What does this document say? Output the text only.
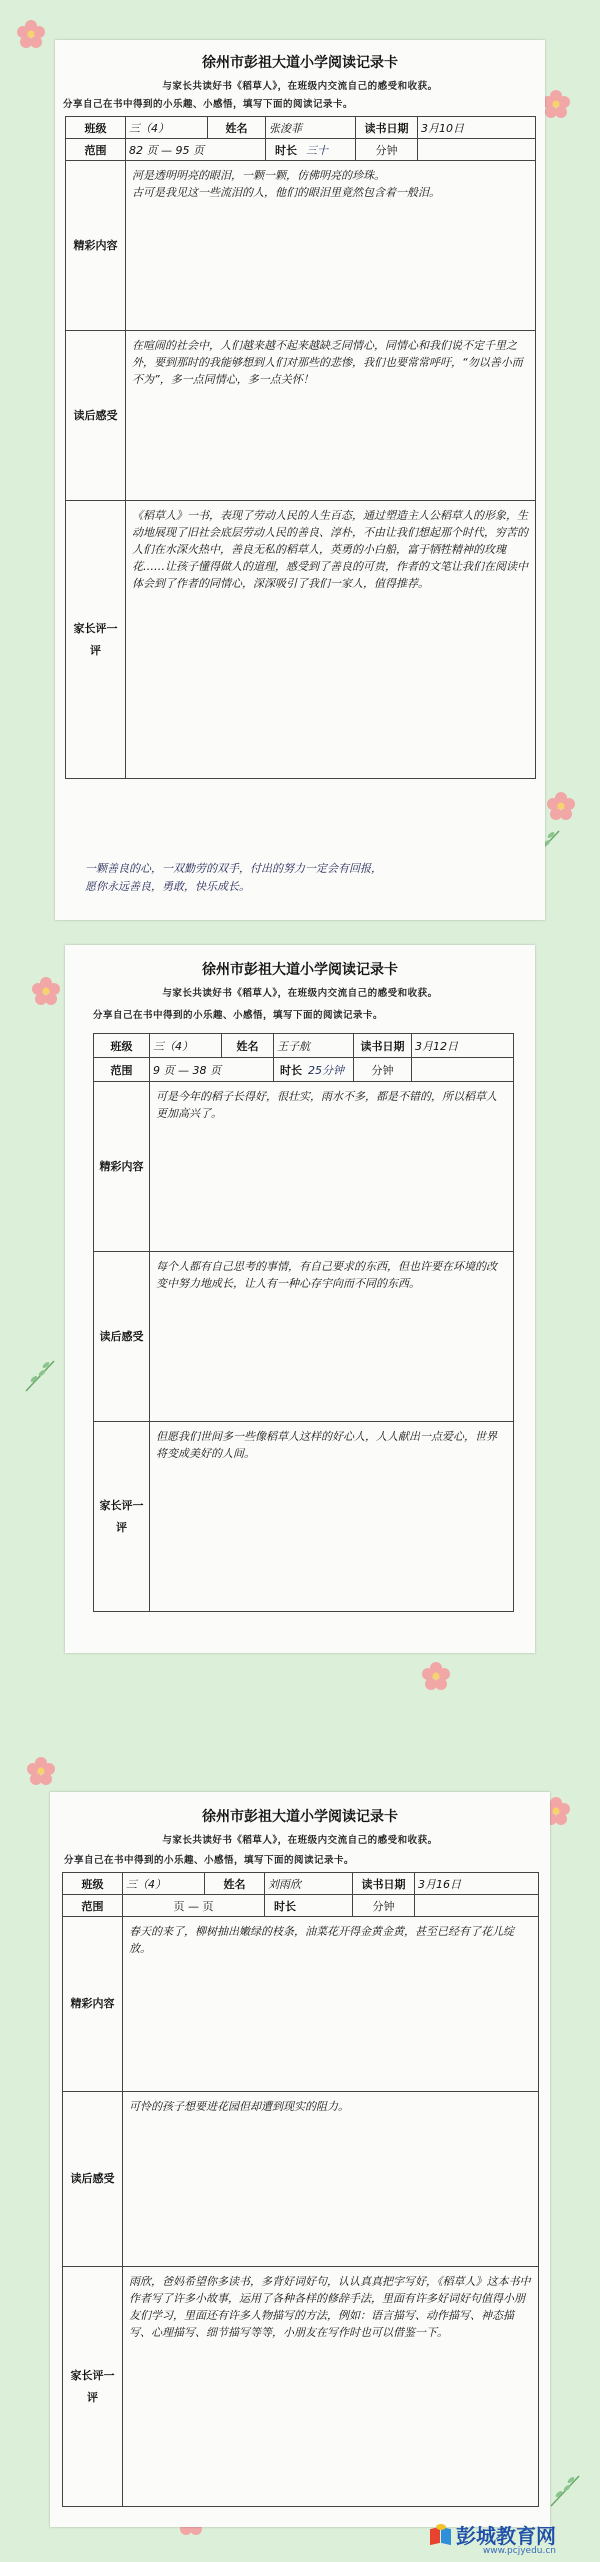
徐州市彭祖大道小学阅读记录卡
与家长共读好书《稻草人》，在班级内交流自己的感受和收获。
分享自己在书中得到的小乐趣、小感悟，填写下面的阅读记录卡。
班级	三（4）	姓名	张浚菲	读书日期	3月10日
范围	82 页 — 95 页		时长 三十	分钟	
精彩内容	河是透明明亮的眼泪，一颗一颗，仿佛明亮的珍珠。
古可是我见这一些流泪的人，他们的眼泪里竟然包含着一般泪。				
读后感受	在喧闹的社会中，人们越来越不起来越缺乏同情心，同情心和我们说不定千里之外，要到那时的我能够想到人们对那些的悲惨，我们也要常常呼吁，“勿以善小而不为”，多一点同情心，多一点关怀！				
家长评一评	《稻草人》一书，表现了劳动人民的人生百态，通过塑造主人公稻草人的形象，生动地展现了旧社会底层劳动人民的善良、淳朴，不由让我们想起那个时代，穷苦的人们在水深火热中，善良无私的稻草人，英勇的小白船，富于牺牲精神的玫瑰花……让孩子懂得做人的道理，感受到了善良的可贵，作者的文笔让我们在阅读中体会到了作者的同情心，深深吸引了我们一家人，值得推荐。				
一颗善良的心，一双勤劳的双手，付出的努力一定会有回报，
愿你永远善良，勇敢，快乐成长。
徐州市彭祖大道小学阅读记录卡
与家长共读好书《稻草人》，在班级内交流自己的感受和收获。
分享自己在书中得到的小乐趣、小感悟，填写下面的阅读记录卡。
班级	三（4）	姓名	王子航	读书日期	3月12日
范围	9 页 — 38 页		时长 25分钟	分钟	
精彩内容	可是今年的稻子长得好，很壮实，雨水不多，都是不错的，所以稻草人更加高兴了。				
读后感受	每个人都有自己思考的事情，有自己要求的东西，但也许要在环境的改变中努力地成长，让人有一种心存宇向而不同的东西。				
家长评一评	但愿我们世间多一些像稻草人这样的好心人，人人献出一点爱心，世界将变成美好的人间。				
徐州市彭祖大道小学阅读记录卡
与家长共读好书《稻草人》，在班级内交流自己的感受和收获。
分享自己在书中得到的小乐趣、小感悟，填写下面的阅读记录卡。
班级	三（4）	姓名	刘雨欣	读书日期	3月16日
范围	页 — 页		时长	分钟	
精彩内容	春天的来了，柳树抽出嫩绿的枝条，油菜花开得金黄金黄，甚至已经有了花儿绽放。				
读后感受	可怜的孩子想要进花园但却遭到现实的阻力。				
家长评一评	雨欣，爸妈希望你多读书，多背好词好句，认认真真把字写好，《稻草人》这本书中作者写了许多小故事，运用了各种各样的修辞手法，里面有许多好词好句值得小朋友们学习，里面还有许多人物描写的方法，例如：语言描写、动作描写、神态描写、心理描写、细节描写等等，小朋友在写作时也可以借鉴一下。				
彭城教育网
www.pcjyedu.cn
